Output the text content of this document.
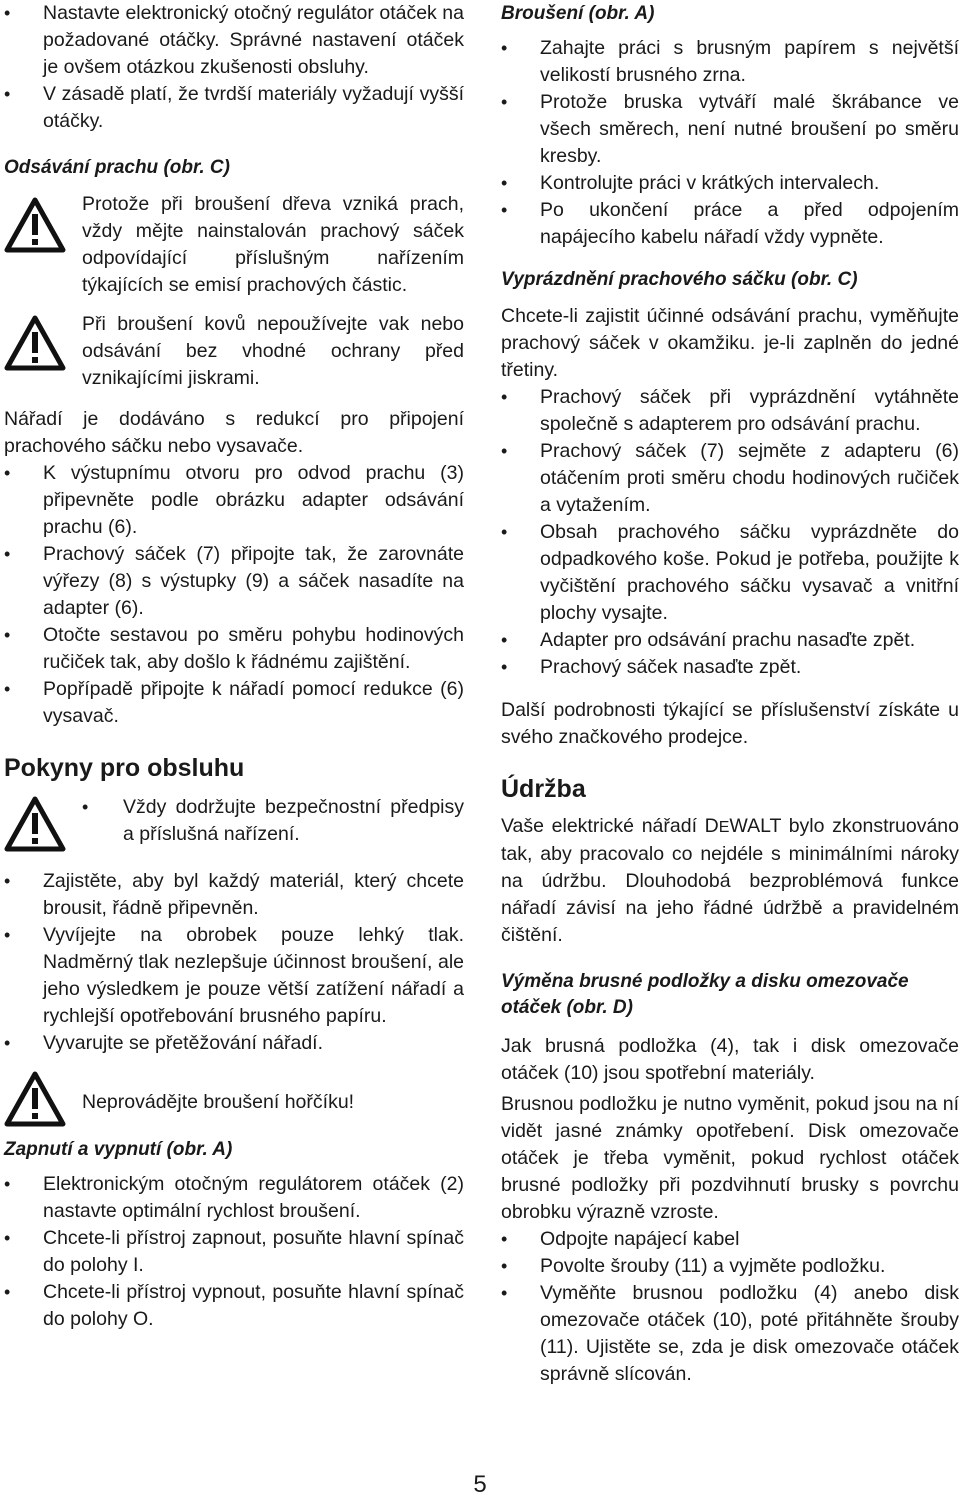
• Nastavte elektronický otočný regulátor otáček na požadované otáčky. Správné nastavení otáček je ovšem otázkou zkušenosti obsluhy.
• V zásadě platí, že tvrdší materiály vyžadují vyšší otáčky.
Odsávání prachu (obr. C)

Protože při broušení dřeva vzniká prach, vždy mějte nainstalován prachový sáček odpovídající příslušným nařízením týkajících se emisí prachových částic.

Při broušení kovů nepoužívejte vak nebo odsávání bez vhodné ochrany před vznikajícími jiskrami.

Nářadí je dodáváno s redukcí pro připojení prachového sáčku nebo vysavače.

• K výstupnímu otvoru pro odvod prachu (3) připevněte podle obrázku adapter odsávání prachu (6).
• Prachový sáček (7) připojte tak, že zarovnáte výřezy (8) s výstupky (9) a sáček nasadíte na adapter (6).
• Otočte sestavou po směru pohybu hodinových ručiček tak, aby došlo k řádnému zajištění.
• Popřípadě připojte k nářadí pomocí redukce (6) vysavač.
Pokyny pro obsluhu
• Vždy dodržujte bezpečnostní předpisy a příslušná nařízení.
• Zajistěte, aby byl každý materiál, který chcete brousit, řádně připevněn.
• Vyvíjejte na obrobek pouze lehký tlak. Nadměrný tlak nezlepšuje účinnost broušení, ale jeho výsledkem je pouze větší zatížení nářadí a rychlejší opotřebování brusného papíru.
• Vyvarujte se přetěžování nářadí.

Neprovádějte broušení hořčíku!

Zapnutí a vypnutí (obr. A)
• Elektronickým otočným regulátorem otáček (2) nastavte optimální rychlost broušení.
• Chcete-li přístroj zapnout, posuňte hlavní spínač do polohy I.
• Chcete-li přístroj vypnout, posuňte hlavní spínač do polohy O.
Broušení (obr. A)
• Zahajte práci s brusným papírem s největší velikostí brusného zrna.
• Protože bruska vytváří malé škrábance ve všech směrech, není nutné broušení po směru kresby.
• Kontrolujte práci v krátkých intervalech.
• Po ukončení práce a před odpojením napájecího kabelu nářadí vždy vypněte.
Vyprázdnění prachového sáčku (obr. C)

Chcete-li zajistit účinné odsávání prachu, vyměňujte prachový sáček v okamžiku. je-li zaplněn do jedné třetiny.

• Prachový sáček při vyprázdnění vytáhněte společně s adapterem pro odsávání prachu.
• Prachový sáček (7) sejměte z adapteru (6) otáčením proti směru chodu hodinových ručiček a vytažením.
• Obsah prachového sáčku vyprázdněte do odpadkového koše. Pokud je potřeba, použijte k vyčištění prachového sáčku vysavač a vnitřní plochy vysajte.
• Adapter pro odsávání prachu nasaďte zpět.
• Prachový sáček nasaďte zpět.

Další podrobnosti týkající se příslušenství získáte u svého značkového prodejce.

Údržba

Vaše elektrické nářadí DEWALT bylo zkonstruováno tak, aby pracovalo co nejdéle s minimálními nároky na údržbu. Dlouhodobá bezproblémová funkce nářadí závisí na jeho řádné údržbě a pravidelném čištění.

Výměna brusné podložky a disku omezovače otáček (obr. D)

Jak brusná podložka (4), tak i disk omezovače otáček (10) jsou spotřební materiály.

Brusnou podložku je nutno vyměnit, pokud jsou na ní vidět jasné známky opotřebení. Disk omezovače otáček je třeba vyměnit, pokud rychlost otáček brusné podložky při pozdvihnutí brusky s povrchu obrobku výrazně vzroste.

• Odpojte napájecí kabel
• Povolte šrouby (11) a vyjměte podložku.
• Vyměňte brusnou podložku (4) anebo disk omezovače otáček (10), poté přitáhněte šrouby (11). Ujistěte se, zda je disk omezovače otáček správně slícován.
5
